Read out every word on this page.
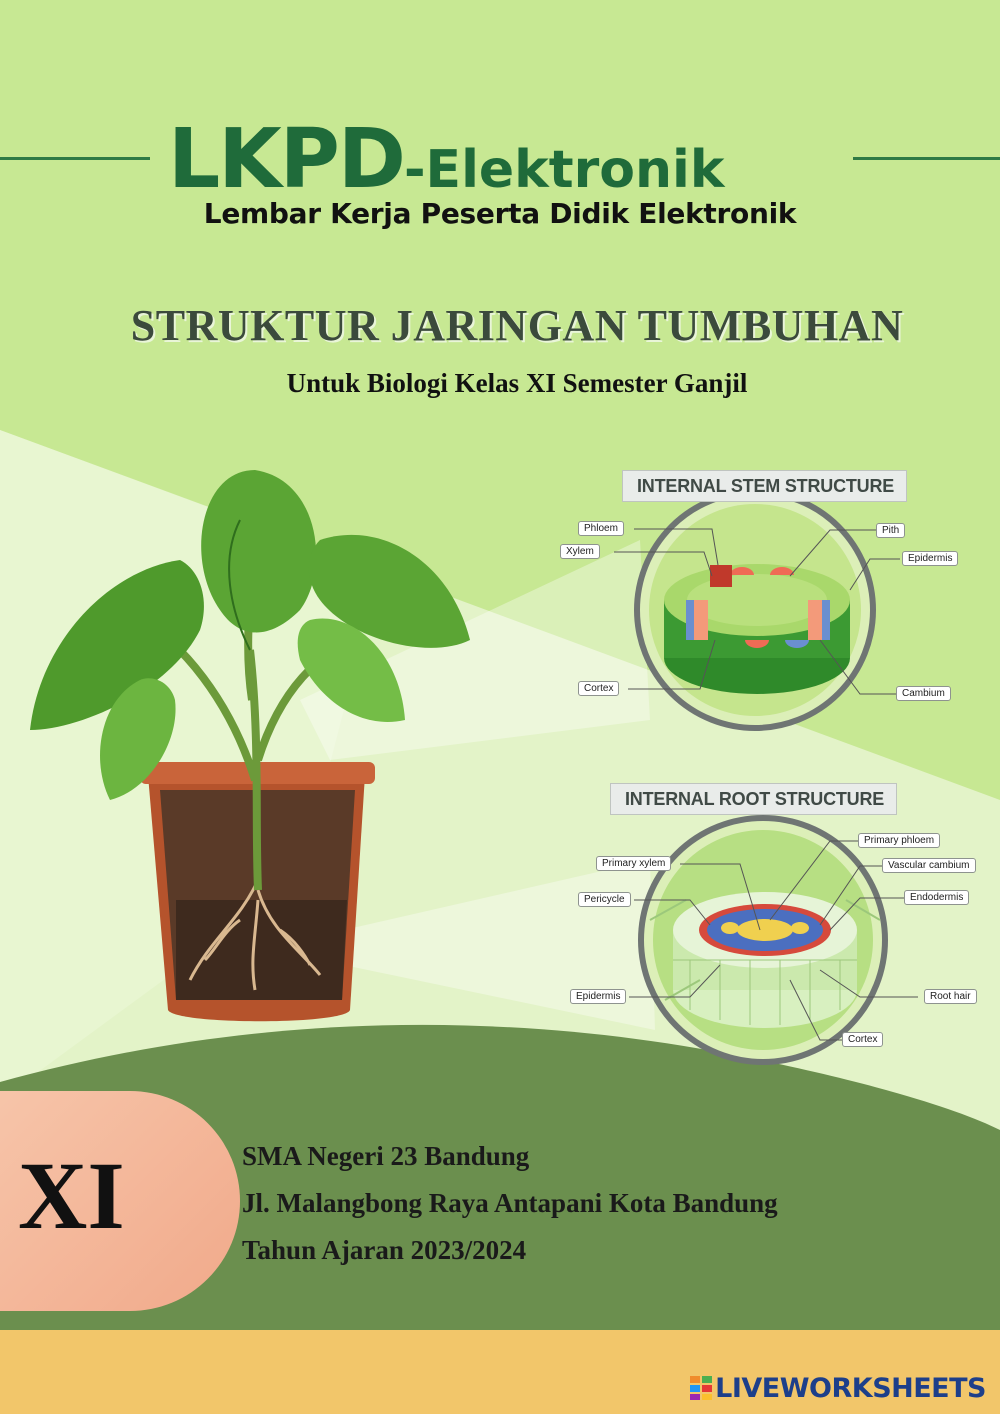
LKPD-Elektronik
Lembar Kerja Peserta Didik Elektronik
STRUKTUR JARINGAN TUMBUHAN
Untuk Biologi Kelas XI Semester Ganjil
INTERNAL STEM STRUCTURE
Phloem
Xylem
Pith
Epidermis
Cortex	Cambium
INTERNAL ROOT STRUCTURE
Primary phloem
Primary xylem	Vascular cambium
Pericycle	Endodermis
Epidermis	Root hair
Cortex
XI	SMA Negeri 23 Bandung
Jl. Malangbong Raya Antapani Kota Bandung
Tahun Ajaran 2023/2024
LIVEWORKSHEETS
